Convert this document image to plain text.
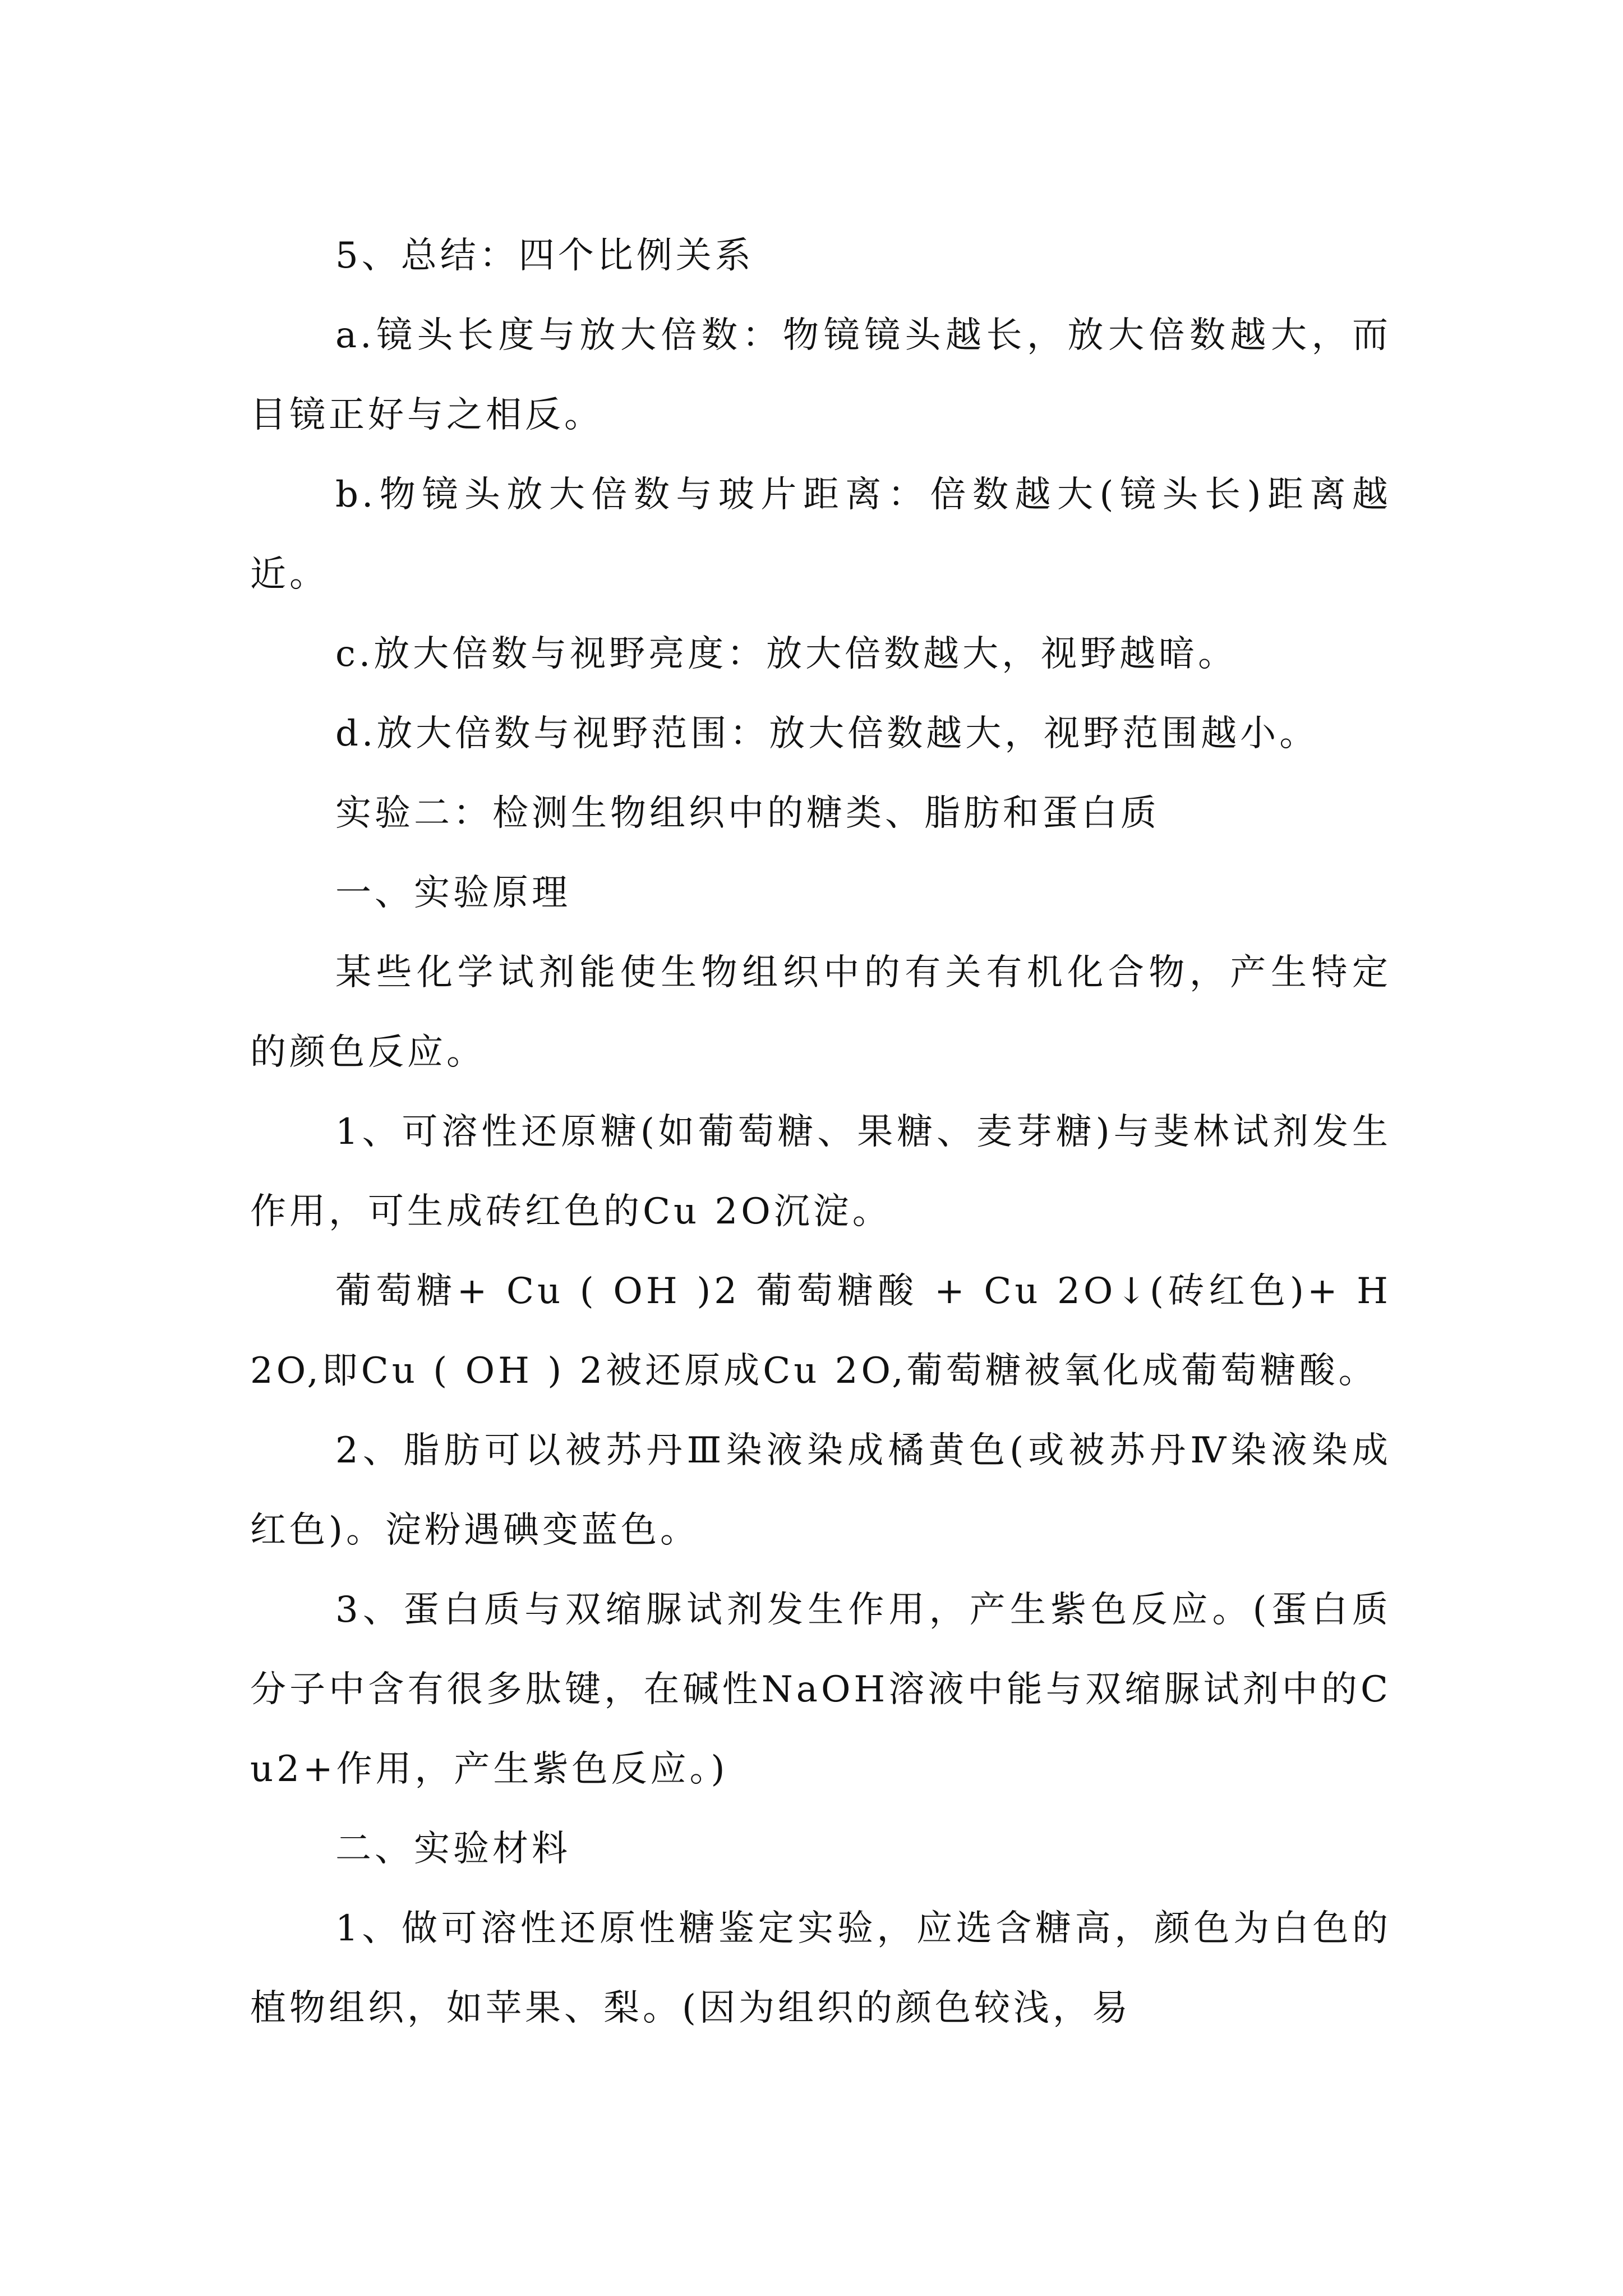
5、总结：四个比例关系

a.镜头长度与放大倍数：物镜镜头越长，放大倍数越大，而目镜正好与之相反。

b.物镜头放大倍数与玻片距离：倍数越大(镜头长)距离越近。

c.放大倍数与视野亮度：放大倍数越大，视野越暗。

d.放大倍数与视野范围：放大倍数越大，视野范围越小。

实验二：检测生物组织中的糖类、脂肪和蛋白质

一、实验原理

某些化学试剂能使生物组织中的有关有机化合物，产生特定的颜色反应。

1、可溶性还原糖(如葡萄糖、果糖、麦芽糖)与斐林试剂发生作用，可生成砖红色的Cu 2O沉淀。

葡萄糖+ Cu ( OH )2 葡萄糖酸 + Cu 2O↓(砖红色)+ H 2O,即Cu ( OH ) 2被还原成Cu 2O,葡萄糖被氧化成葡萄糖酸。

2、脂肪可以被苏丹Ⅲ染液染成橘黄色(或被苏丹Ⅳ染液染成红色)。淀粉遇碘变蓝色。

3、蛋白质与双缩脲试剂发生作用，产生紫色反应。(蛋白质分子中含有很多肽键，在碱性NaOH溶液中能与双缩脲试剂中的Cu2+作用，产生紫色反应。)

二、实验材料

1、做可溶性还原性糖鉴定实验，应选含糖高，颜色为白色的植物组织，如苹果、梨。(因为组织的颜色较浅，易
